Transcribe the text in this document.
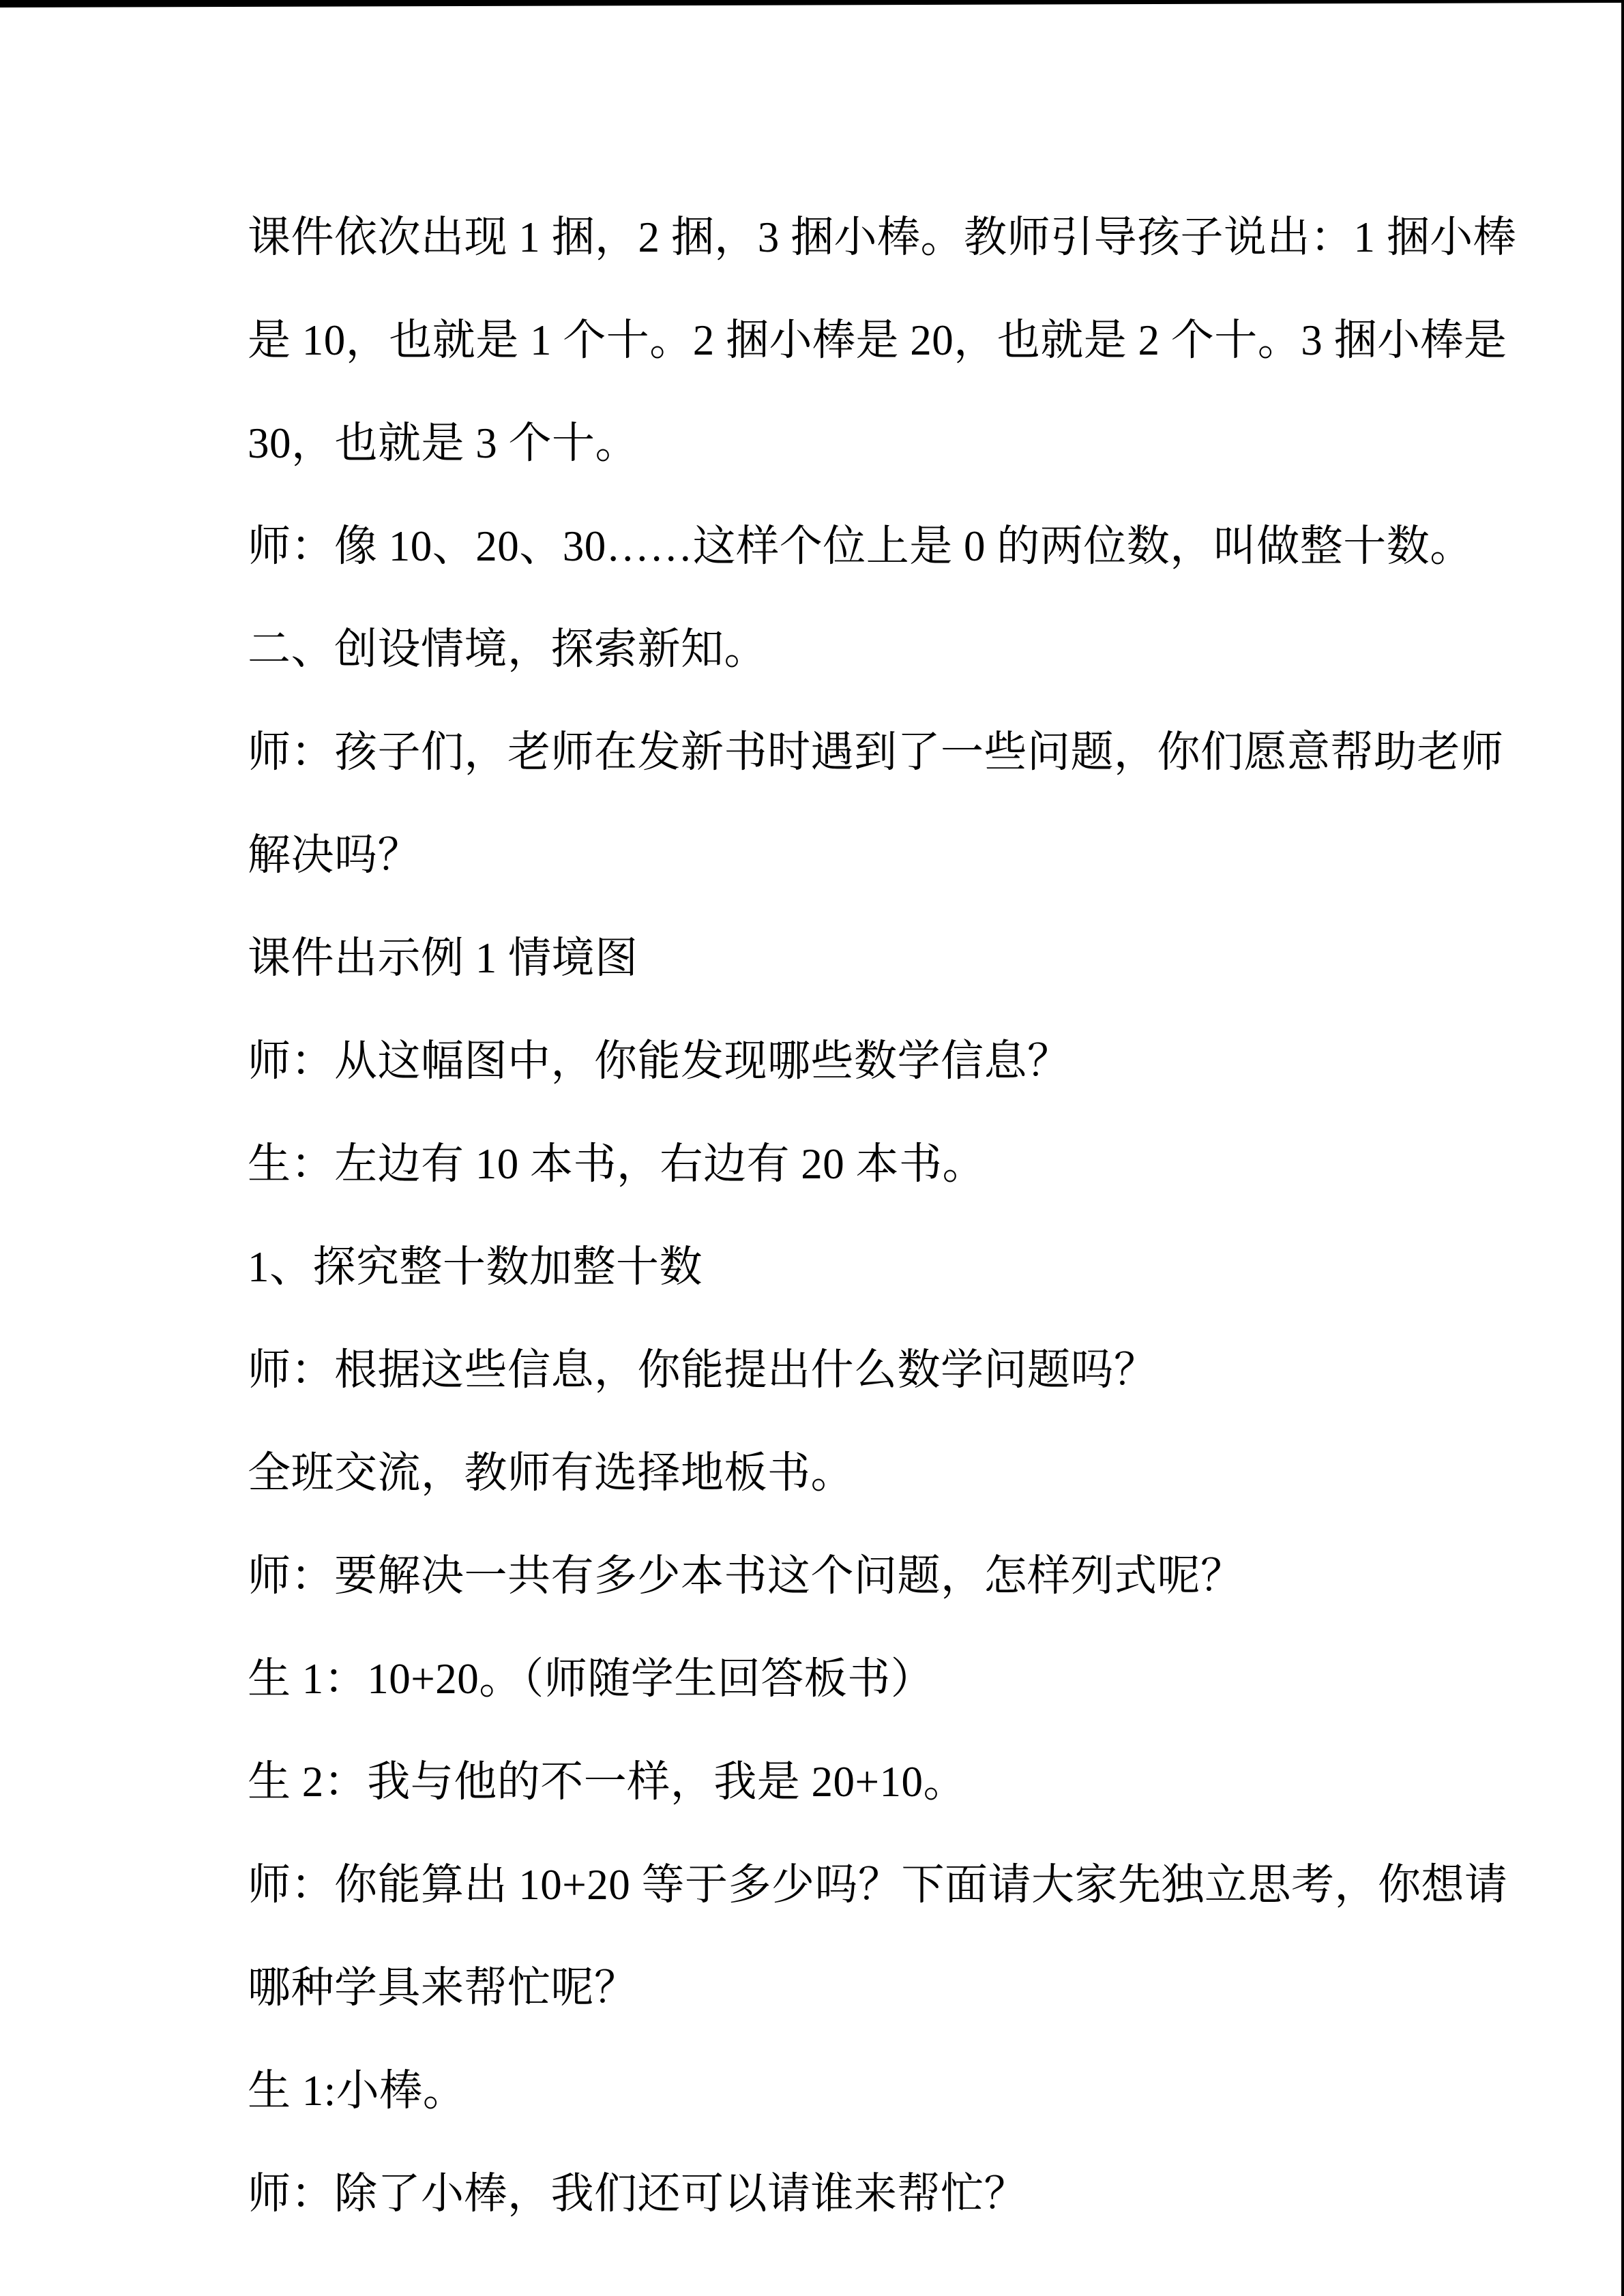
课件依次出现 1 捆，2 捆，3 捆小棒。教师引导孩子说出：1 捆小棒
是 10，也就是 1 个十。2 捆小棒是 20，也就是 2 个十。3 捆小棒是
30，也就是 3 个十。
师：像 10、20、30……这样个位上是 0 的两位数，叫做整十数。
二、创设情境，探索新知。
师：孩子们，老师在发新书时遇到了一些问题，你们愿意帮助老师
解决吗？
课件出示例 1 情境图
师：从这幅图中，你能发现哪些数学信息？
生：左边有 10 本书，右边有 20 本书。
1、探究整十数加整十数
师：根据这些信息，你能提出什么数学问题吗？
全班交流，教师有选择地板书。
师：要解决一共有多少本书这个问题，怎样列式呢？
生 1：10+20。（师随学生回答板书）
生 2：我与他的不一样，我是 20+10。
师：你能算出 10+20 等于多少吗？下面请大家先独立思考，你想请
哪种学具来帮忙呢？
生 1:小棒。
师：除了小棒，我们还可以请谁来帮忙？
